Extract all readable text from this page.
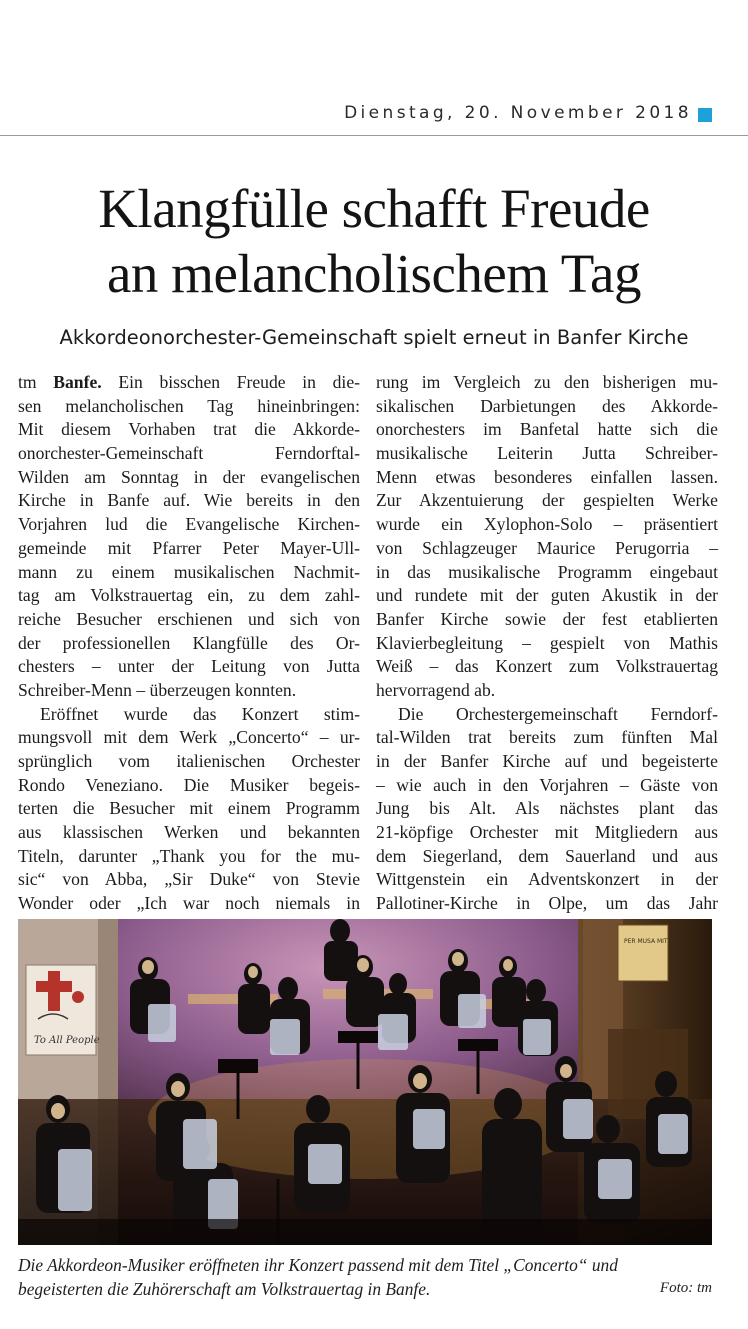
Dienstag, 20. November 2018
Klangfülle schafft Freude
an melancholischem Tag
Akkordeonorchester-Gemeinschaft spielt erneut in Banfer Kirche
tm Banfe. Ein bisschen Freude in die-
sen melancholischen Tag hineinbringen:
Mit diesem Vorhaben trat die Akkorde-
onorchester-Gemeinschaft Ferndorftal-
Wilden am Sonntag in der evangelischen
Kirche in Banfe auf. Wie bereits in den
Vorjahren lud die Evangelische Kirchen-
gemeinde mit Pfarrer Peter Mayer-Ull-
mann zu einem musikalischen Nachmit-
tag am Volkstrauertag ein, zu dem zahl-
reiche Besucher erschienen und sich von
der professionellen Klangfülle des Or-
chesters – unter der Leitung von Jutta
Schreiber-Menn – überzeugen konnten.
Eröffnet wurde das Konzert stim-
mungsvoll mit dem Werk „Concerto“ – ur-
sprünglich vom italienischen Orchester
Rondo Veneziano. Die Musiker begeis-
terten die Besucher mit einem Programm
aus klassischen Werken und bekannten
Titeln, darunter „Thank you for the mu-
sic“ von Abba, „Sir Duke“ von Stevie
Wonder oder „Ich war noch niemals in
rung im Vergleich zu den bisherigen mu-
sikalischen Darbietungen des Akkorde-
onorchesters im Banfetal hatte sich die
musikalische Leiterin Jutta Schreiber-
Menn etwas besonderes einfallen lassen.
Zur Akzentuierung der gespielten Werke
wurde ein Xylophon-Solo – präsentiert
von Schlagzeuger Maurice Perugorria –
in das musikalische Programm eingebaut
und rundete mit der guten Akustik in der
Banfer Kirche sowie der fest etablierten
Klavierbegleitung – gespielt von Mathis
Weiß – das Konzert zum Volkstrauertag
hervorragend ab.
Die Orchestergemeinschaft Ferndorf-
tal-Wilden trat bereits zum fünften Mal
in der Banfer Kirche auf und begeisterte
– wie auch in den Vorjahren – Gäste von
Jung bis Alt. Als nächstes plant das
21-köpfige Orchester mit Mitgliedern aus
dem Siegerland, dem Sauerland und aus
Wittgenstein ein Adventskonzert in der
Pallotiner-Kirche in Olpe, um das Jahr
To All People
PER MUSA MIT MUSIK
Die Akkordeon-Musiker eröffneten ihr Konzert passend mit dem Titel „Concerto“ und
begeisterten die Zuhörerschaft am Volkstrauertag in Banfe.	Foto: tm
